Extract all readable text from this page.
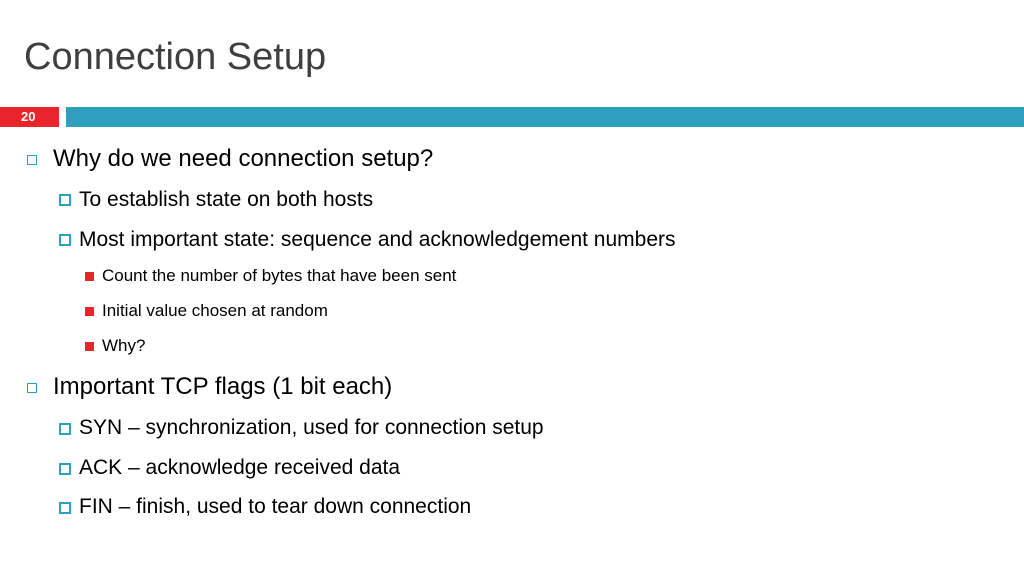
Connection Setup
20
Why do we need connection setup?
To establish state on both hosts
Most important state: sequence and acknowledgement numbers
Count the number of bytes that have been sent
Initial value chosen at random
Why?
Important TCP flags (1 bit each)
SYN – synchronization, used for connection setup
ACK – acknowledge received data
FIN – finish, used to tear down connection
